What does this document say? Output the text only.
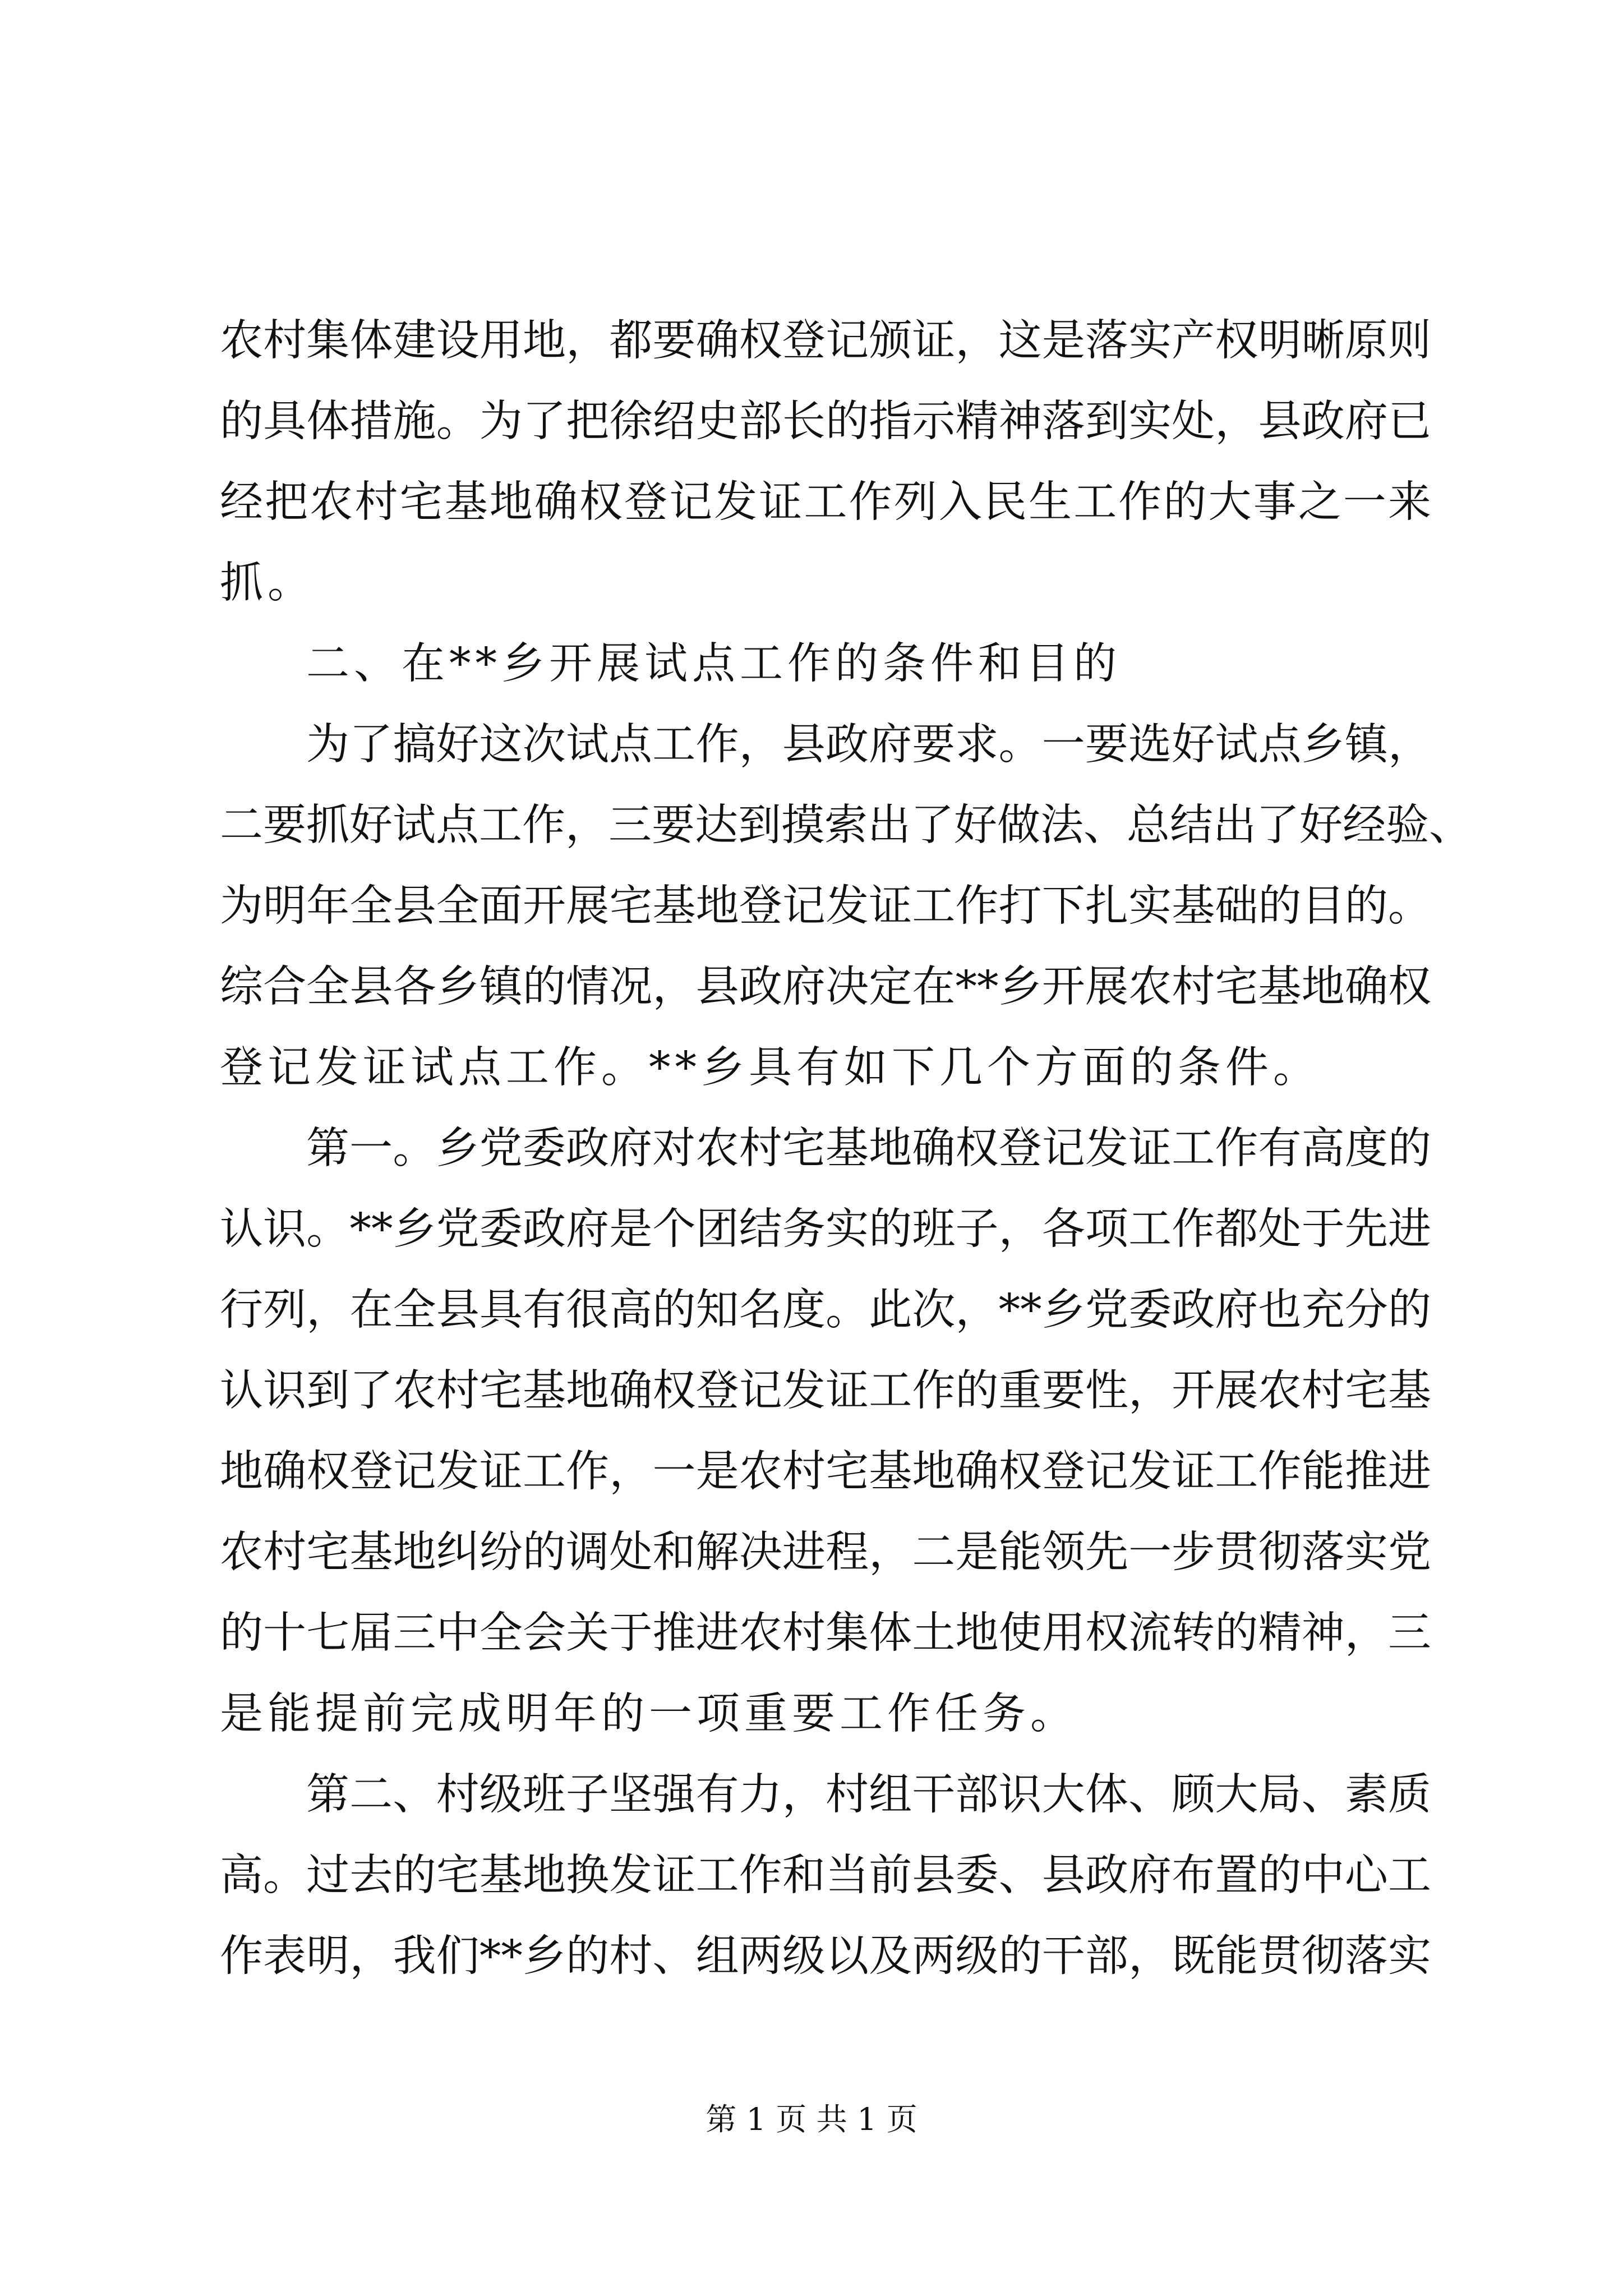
农村集体建设用地，都要确权登记颁证，这是落实产权明晰原则
的具体措施。为了把徐绍史部长的指示精神落到实处，县政府已
经把农村宅基地确权登记发证工作列入民生工作的大事之一来
抓。
二、在**乡开展试点工作的条件和目的
为了搞好这次试点工作，县政府要求。一要选好试点乡镇，
二要抓好试点工作，三要达到摸索出了好做法、总结出了好经验、
为明年全县全面开展宅基地登记发证工作打下扎实基础的目的。
综合全县各乡镇的情况，县政府决定在**乡开展农村宅基地确权
登记发证试点工作。**乡具有如下几个方面的条件。
第一。乡党委政府对农村宅基地确权登记发证工作有高度的
认识。**乡党委政府是个团结务实的班子，各项工作都处于先进
行列，在全县具有很高的知名度。此次，**乡党委政府也充分的
认识到了农村宅基地确权登记发证工作的重要性，开展农村宅基
地确权登记发证工作，一是农村宅基地确权登记发证工作能推进
农村宅基地纠纷的调处和解决进程，二是能领先一步贯彻落实党
的十七届三中全会关于推进农村集体土地使用权流转的精神，三
是能提前完成明年的一项重要工作任务。
第二、村级班子坚强有力，村组干部识大体、顾大局、素质
高。过去的宅基地换发证工作和当前县委、县政府布置的中心工
作表明，我们**乡的村、组两级以及两级的干部，既能贯彻落实
第 1 页 共 1 页
